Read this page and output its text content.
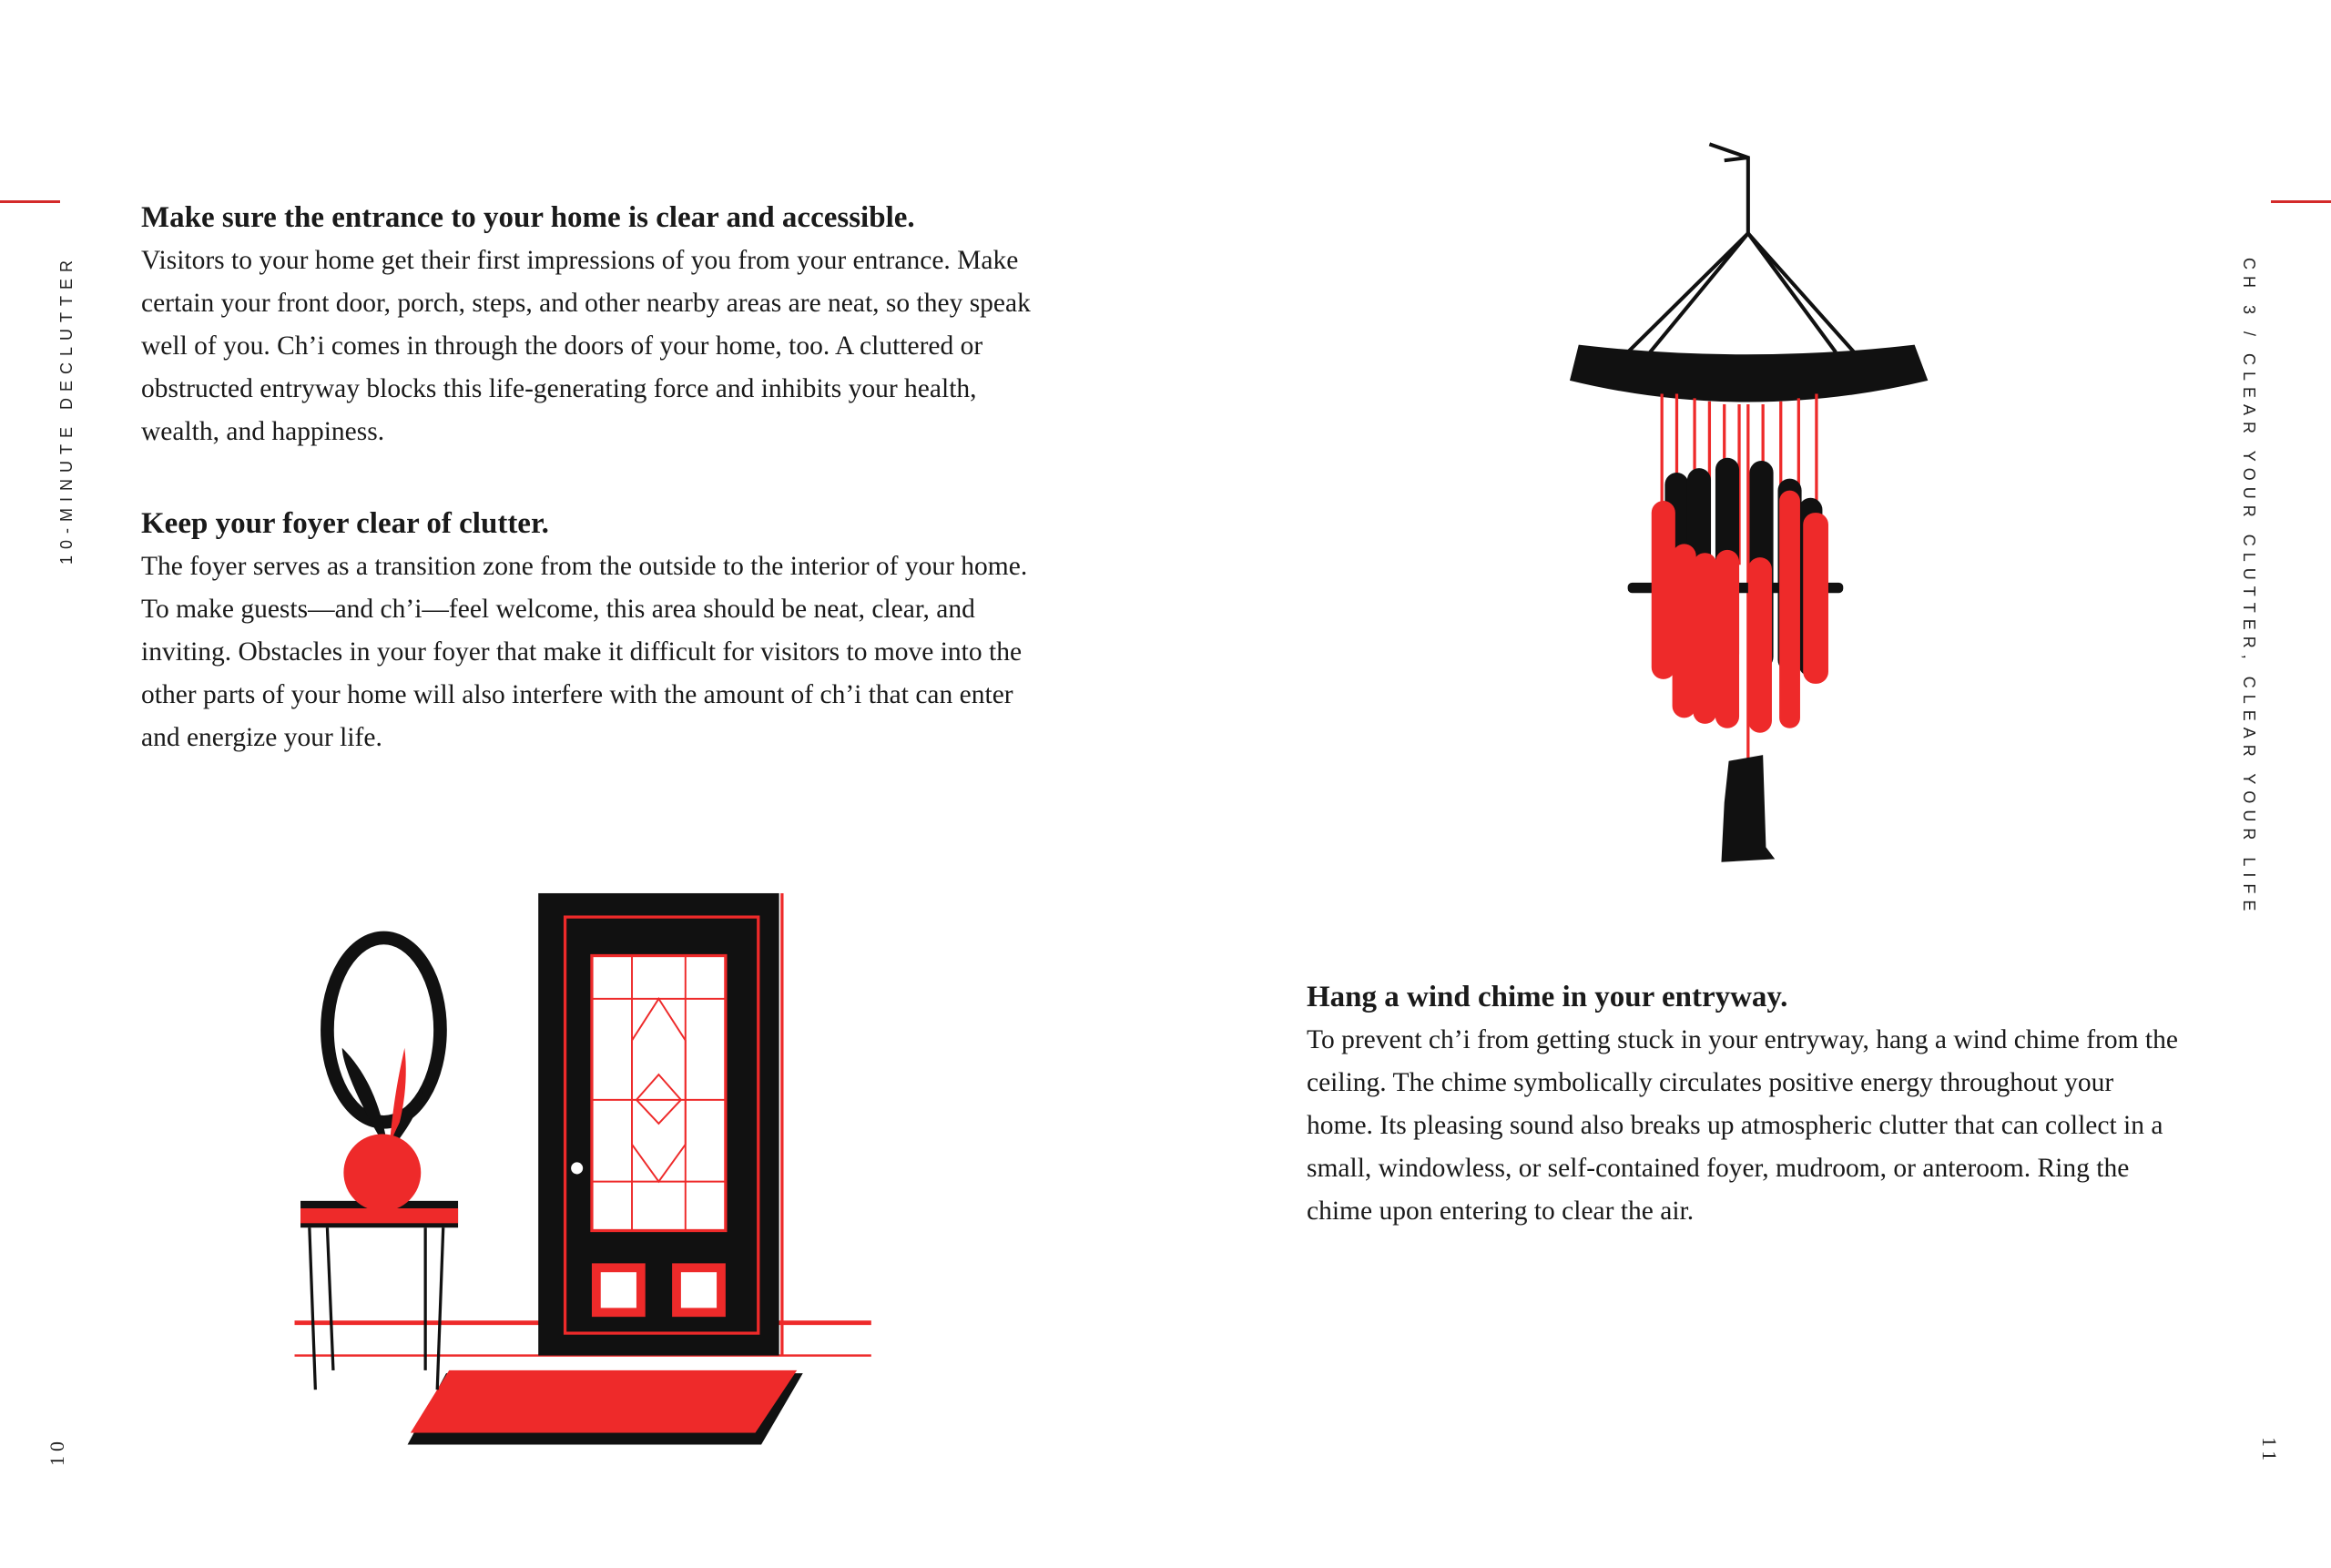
10-MINUTE DECLUTTER	CH 3 / CLEAR YOUR CLUTTER, CLEAR YOUR LIFE
10	11
Make sure the entrance to your home is clear and accessible.

Visitors to your home get their first impressions of you from your entrance. Make certain your front door, porch, steps, and other nearby areas are neat, so they speak well of you. Ch’i comes in through the doors of your home, too. A cluttered or obstructed entryway blocks this life-generating force and inhibits your health, wealth, and happiness.

Keep your foyer clear of clutter.

The foyer serves as a transition zone from the outside to the interior of your home. To make guests—and ch’i—feel welcome, this area should be neat, clear, and inviting. Obstacles in your foyer that make it difficult for visitors to move into the other parts of your home will also interfere with the amount of ch’i that can enter and energize your life.

Hang a wind chime in your entryway.

To prevent ch’i from getting stuck in your entryway, hang a wind chime from the ceiling. The chime symbolically circulates positive energy throughout your home. Its pleasing sound also breaks up atmospheric clutter that can collect in a small, windowless, or self-contained foyer, mudroom, or anteroom. Ring the chime upon entering to clear the air.
